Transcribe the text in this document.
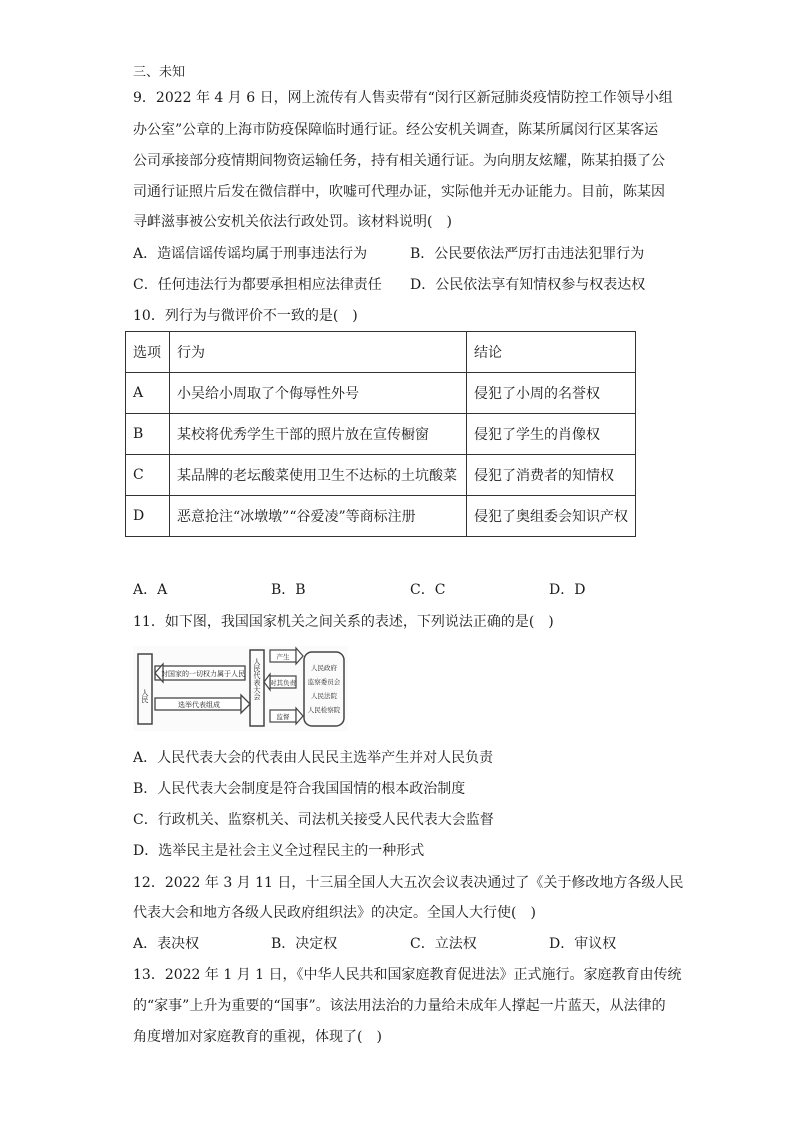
三、未知
9．2022 年 4 月 6 日，网上流传有人售卖带有“闵行区新冠肺炎疫情防控工作领导小组
办公室”公章的上海市防疫保障临时通行证。经公安机关调查，陈某所属闵行区某客运
公司承接部分疫情期间物资运输任务，持有相关通行证。为向朋友炫耀，陈某拍摄了公
司通行证照片后发在微信群中，吹嘘可代理办证，实际他并无办证能力。目前，陈某因
寻衅滋事被公安机关依法行政处罚。该材料说明(　)
A．造谣信谣传谣均属于刑事违法行为	B．公民要依法严厉打击违法犯罪行为
C．任何违法行为都要承担相应法律责任 D．公民依法享有知情权参与权表达权
10．列行为与微评价不一致的是(　)
选项	行为	结论
A	小吴给小周取了个侮辱性外号	侵犯了小周的名誉权
B	某校将优秀学生干部的照片放在宣传橱窗	侵犯了学生的肖像权
C	某品牌的老坛酸菜使用卫生不达标的土坑酸菜	侵犯了消费者的知情权
D	恶意抢注“冰墩墩”“谷爱凌”等商标注册	侵犯了奥组委会知识产权
A．A	B．B	C．C	D．D
11．如下图，我国国家机关之间关系的表述，下列说法正确的是(　)
人民
对国家的一切权力属于人民
选举代表组成
人民代表大会
产生
对其负责
监督
人民政府
监察委员会
人民法院
人民检察院
A．人民代表大会的代表由人民民主选举产生并对人民负责
B．人民代表大会制度是符合我国国情的根本政治制度
C．行政机关、监察机关、司法机关接受人民代表大会监督
D．选举民主是社会主义全过程民主的一种形式
12．2022 年 3 月 11 日，十三届全国人大五次会议表决通过了《关于修改地方各级人民
代表大会和地方各级人民政府组织法》的决定。全国人大行使(　)
A．表决权	B．决定权	C．立法权	D．审议权
13．2022 年 1 月 1 日，《中华人民共和国家庭教育促进法》正式施行。家庭教育由传统
的“家事”上升为重要的“国事”。该法用法治的力量给未成年人撑起一片蓝天，从法律的
角度增加对家庭教育的重视，体现了(　)
